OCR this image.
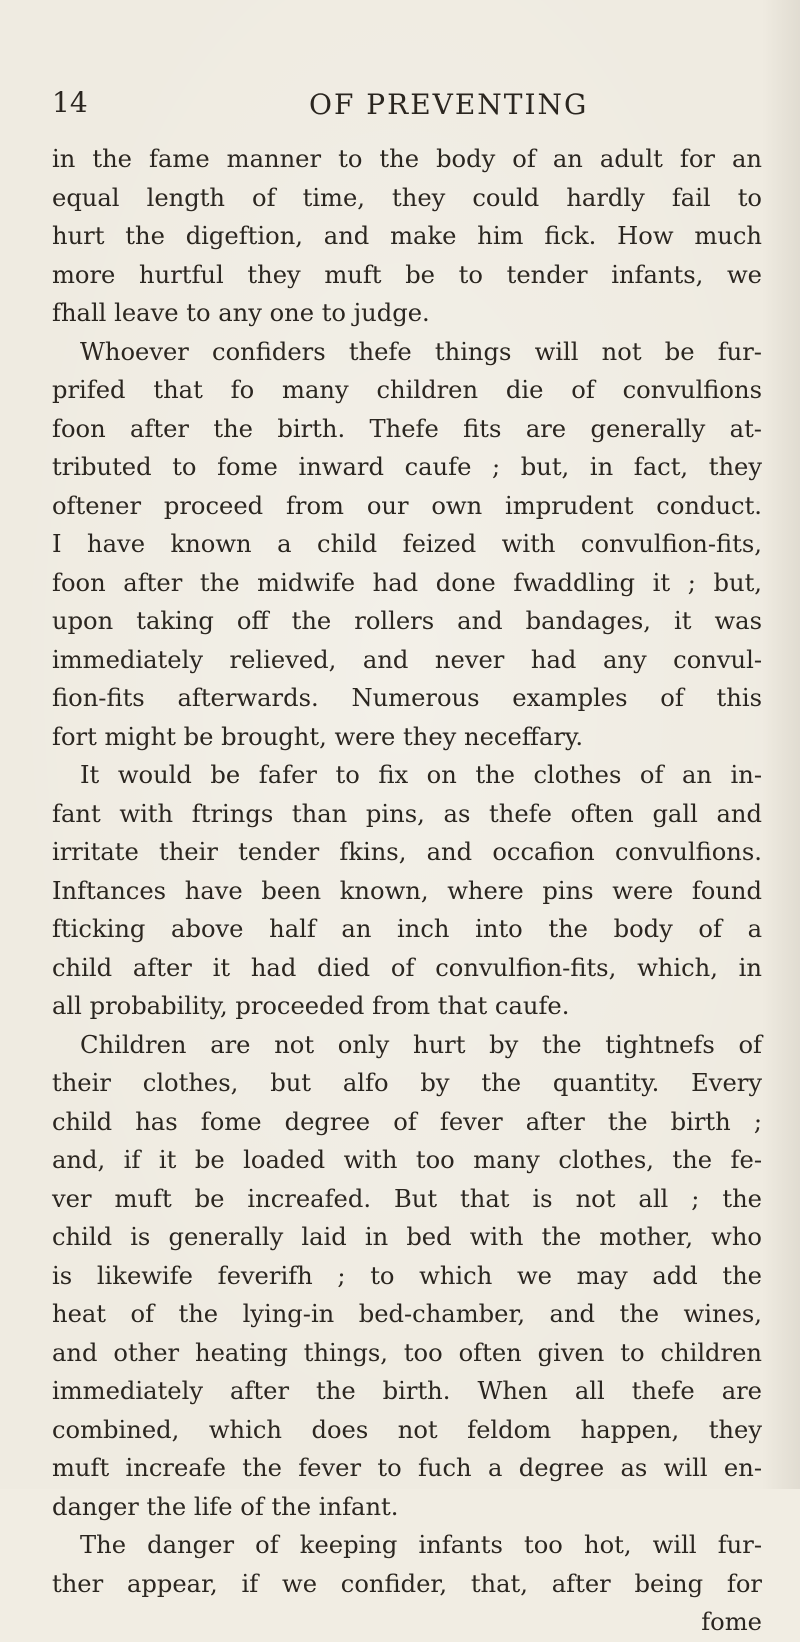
14	OF PREVENTING
in the fame manner to the body of an adult for an
equal length of time, they could hardly fail to
hurt the digeftion, and make him fick. How much
more hurtful they muft be to tender infants, we
fhall leave to any one to judge.
Whoever confiders thefe things will not be fur-
prifed that fo many children die of convulfions
foon after the birth. Thefe fits are generally at-
tributed to fome inward caufe ; but, in fact, they
oftener proceed from our own imprudent conduct.
I have known a child feized with convulfion-fits,
foon after the midwife had done fwaddling it ; but,
upon taking off the rollers and bandages, it was
immediately relieved, and never had any convul-
fion-fits afterwards. Numerous examples of this
fort might be brought, were they neceffary.
It would be fafer to fix on the clothes of an in-
fant with ftrings than pins, as thefe often gall and
irritate their tender fkins, and occafion convulfions.
Inftances have been known, where pins were found
fticking above half an inch into the body of a
child after it had died of convulfion-fits, which, in
all probability, proceeded from that caufe.
Children are not only hurt by the tightnefs of
their clothes, but alfo by the quantity. Every
child has fome degree of fever after the birth ;
and, if it be loaded with too many clothes, the fe-
ver muft be increafed. But that is not all ; the
child is generally laid in bed with the mother, who
is likewife feverifh ; to which we may add the
heat of the lying-in bed-chamber, and the wines,
and other heating things, too often given to children
immediately after the birth. When all thefe are
combined, which does not feldom happen, they
muft increafe the fever to fuch a degree as will en-
danger the life of the infant.
The danger of keeping infants too hot, will fur-
ther appear, if we confider, that, after being for
fome
